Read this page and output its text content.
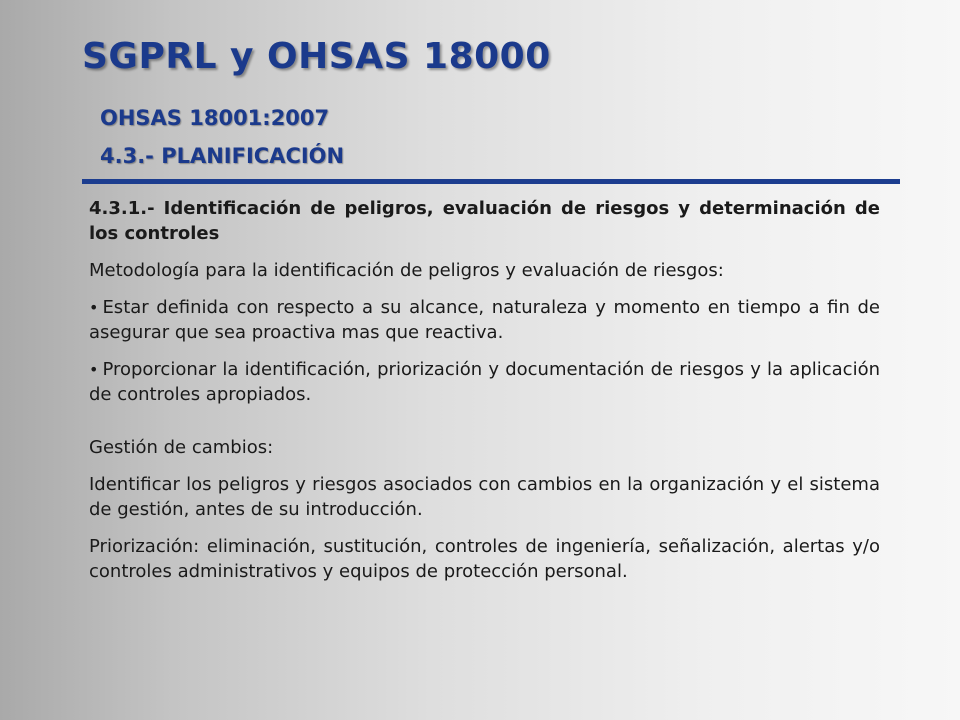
SGPRL y OHSAS 18000
OHSAS 18001:2007
4.3.- PLANIFICACIÓN
4.3.1.- Identificación de peligros, evaluación de riesgos y determinación de los controles
Metodología para la identificación de peligros y evaluación de riesgos:
• Estar definida con respecto a su alcance, naturaleza y momento en tiempo a fin de asegurar que sea proactiva mas que reactiva.
• Proporcionar la identificación, priorización y documentación de riesgos y la aplicación de controles apropiados.
Gestión de cambios:
Identificar los peligros y riesgos asociados con cambios en la organización y el sistema de gestión, antes de su introducción.
Priorización: eliminación, sustitución, controles de ingeniería, señalización, alertas y/o controles administrativos y equipos de protección personal.
